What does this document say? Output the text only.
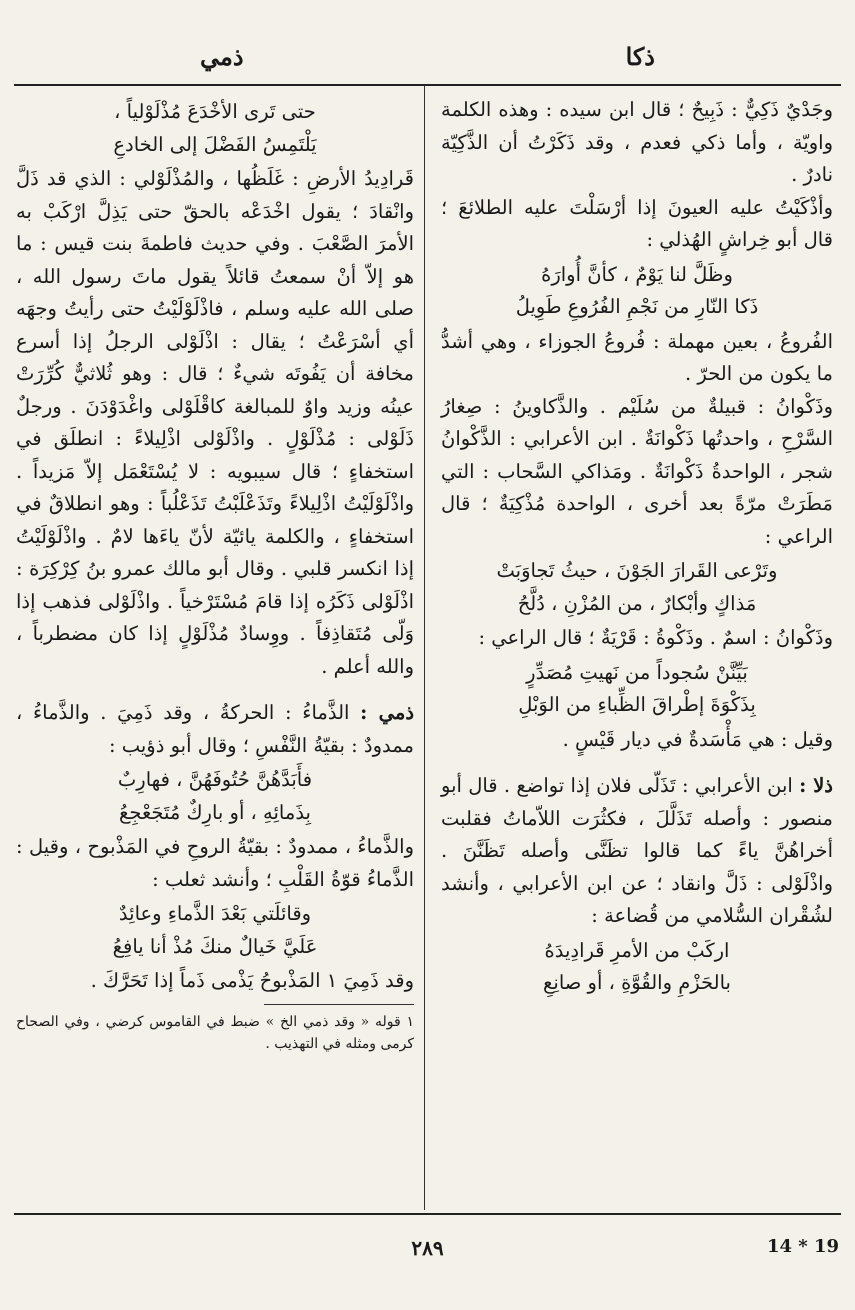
ذكا
ذمي

وجَدْيٌ ذَكِيٌّ : ذَبِيحٌ ؛ قال ابن سيده : وهذه الكلمة واويّة ، وأما ذكي فعدم ، وقد ذَكَرْتُ أن الذَّكِيّة نادرٌ .

وأذْكَيْتُ عليه العيونَ إذا أرْسَلْتَ عليه الطلائعَ ؛ قال أبو خِراشٍ الهُذلي :

وظَلَّ لنا يَوْمٌ ، كأنَّ أُوارَهُ

ذَكا النّارِ من نَجْمِ الفُرُوعِ طَوِيلُ

الفُروعُ ، بعين مهملة : فُروعُ الجوزاء ، وهي أشدُّ ما يكون من الحرّ .

وذَكْوانُ : قبيلةٌ من سُلَيْم . والذَّكاوينُ : صِغارُ السَّرْحِ ، واحدتُها ذَكْوانَةٌ . ابن الأعرابي : الذَّكْوانُ شجر ، الواحدةُ ذَكْوانَةٌ . ومَذاكي السَّحاب : التي مَطَرَتْ مرّةً بعد أخرى ، الواحدة مُذْكِيَةٌ ؛ قال الراعي :

وتَرْعى القَرارَ الجَوْنَ ، حيثُ تَجاوَبَتْ

مَذاكٍ وأبْكارٌ ، من المُزْنِ ، دُلَّحُ

وذَكْوانُ : اسمٌ . وذَكْوةُ : قَرْيَةٌ ؛ قال الراعي :

بَيِّنَّنْ سُجوداً من نَهيتِ مُصَدِّرٍ

بِذَكْوَةَ إطْراقَ الظِّباءِ من الوَبْلِ

وقيل : هي مَأْسَدةٌ في ديار قَيْسٍ .

ذلا : ابن الأعرابي : تَذَلّى فلان إذا تواضع . قال أبو منصور : وأصله تَذَلَّلَ ، فكثُرَت اللاّماتُ فقلبت أخراهُنَّ ياءً كما قالوا تظَنَّى وأصله تَظَنَّنَ . واذْلَوْلى : ذَلَّ وانقاد ؛ عن ابن الأعرابي ، وأنشد لشُقْران السُّلامي من قُضاعة :

اركَبْ من الأمرِ قَرادِيدَهُ

بالحَزْمِ والقُوَّةِ ، أو صانِعِ

حتى تَرى الأخْدَعَ مُذْلَوْلياً ،

يَلْتَمِسُ الفَضْلَ إلى الخادعِ

قَرادِيدُ الأرضِ : غَلَظُها ، والمُذْلَوْلي : الذي قد ذَلَّ وانْقادَ ؛ يقول اخْدَعْه بالحقّ حتى يَذِلَّ ارْكَبْ به الأمرَ الصَّعْبَ . وفي حديث فاطمةَ بنت قيس : ما هو إلاّ أنْ سمعتُ قائلاً يقول ماتَ رسول الله ، صلى الله عليه وسلم ، فاذْلَوْلَيْتُ حتى رأيتُ وجهَه أي أسْرَعْتُ ؛ يقال : اذْلَوْلى الرجلُ إذا أسرع مخافة أن يَفُوتَه شيءٌ ؛ قال : وهو ثُلاثيٌّ كُرِّرَتْ عينُه وزيد واوٌ للمبالغة كاقْلَوْلى واغْدَوْدَنَ . ورجلٌ ذَلَوْلى : مُذْلَوْلٍ . واذْلَوْلى اذْلِيلاءً : انطلَق في استخفاءٍ ؛ قال سيبويه : لا يُسْتَعْمَل إلاّ مَزيداً . واذْلَوْلَيْتُ اذْلِيلاءً وتَذَعْلَبْتُ تَذَعْلُباً : وهو انطلاقٌ في استخفاءٍ ، والكلمة يائيّة لأنّ ياءَها لامٌ . واذْلَوْلَيْتُ إذا انكسر قلبي . وقال أبو مالك عمرو بنُ كِرْكِرَة : اذْلَوْلى ذَكَرُه إذا قامَ مُسْتَرْخياً . واذْلَوْلى فذهب إذا وَلّى مُتَقاذِفاً . ووِسادٌ مُذْلَوْلٍ إذا كان مضطرباً ، والله أعلم .

ذمي : الذَّماءُ : الحركةُ ، وقد ذَمِيَ . والذَّماءُ ، ممدودٌ : بقيّةُ النَّفْسِ ؛ وقال أبو ذؤيب :

فأَبَدَّهُنَّ حُتُوفَهُنَّ ، فهارِبٌ

بِذَمائِهِ ، أو بارِكٌ مُتَجَعْجِعُ

والذَّماءُ ، ممدودٌ : بقيّةُ الروحِ في المَذْبوح ، وقيل : الذَّماءُ قوّةُ القَلْبِ ؛ وأنشد ثعلب :

وقائلَتي بَعْدَ الذَّماءِ وعائِدٌ

عَلَيَّ خَيالٌ منكَ مُذْ أنا يافِعُ

وقد ذَمِيَ ١ المَذْبوحُ يَذْمى ذَماً إذا تَحَرَّكَ .

١ قوله « وقد ذمي الخ » ضبط في القاموس كرضي ، وفي الصحاح كرمى ومثله في التهذيب .

٢٨٩	14 * 19
